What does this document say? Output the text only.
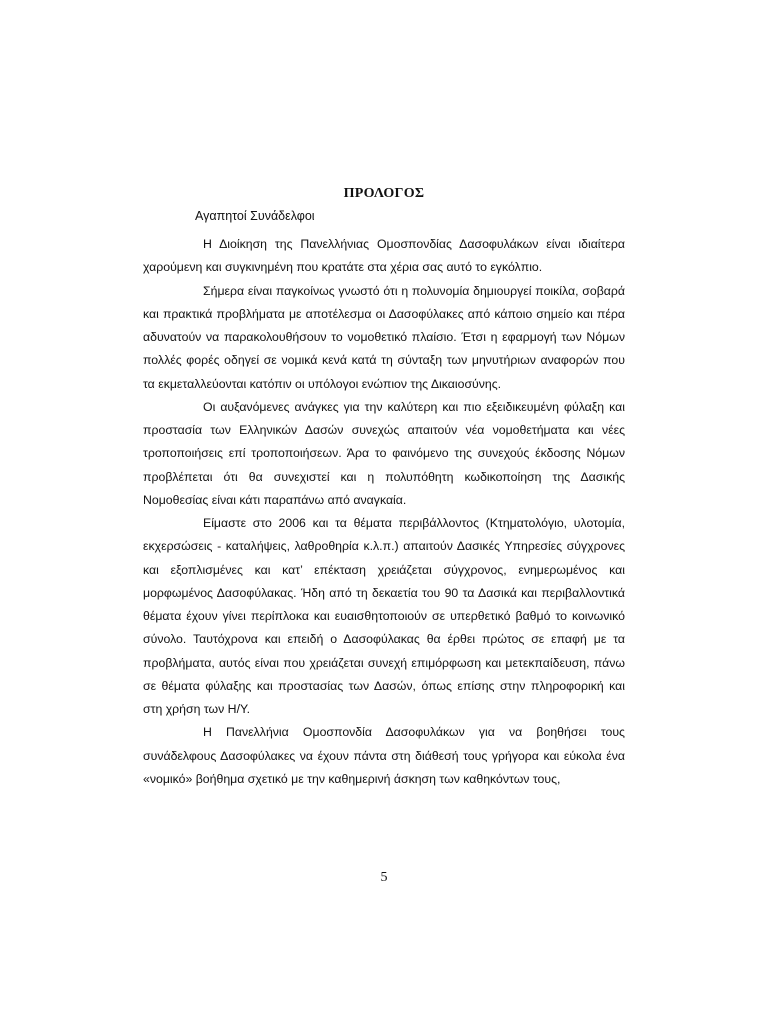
ΠΡΟΛΟΓΟΣ
Αγαπητοί Συνάδελφοι

Η Διοίκηση της Πανελλήνιας Ομοσπονδίας Δασοφυλάκων είναι ιδιαίτερα χαρούμενη και συγκινημένη που κρατάτε στα χέρια σας αυτό το εγκόλπιο.

Σήμερα είναι παγκοίνως γνωστό ότι η πολυνομία δημιουργεί ποικίλα, σοβαρά και πρακτικά προβλήματα με αποτέλεσμα οι Δασοφύλακες από κάποιο σημείο και πέρα αδυνατούν να παρακολουθήσουν το νομοθετικό πλαίσιο. Έτσι η εφαρμογή των Νόμων πολλές φορές οδηγεί σε νομικά κενά κατά τη σύνταξη των μηνυτήριων αναφορών που τα εκμεταλλεύονται κατόπιν οι υπόλογοι ενώπιον της Δικαιοσύνης.

Οι αυξανόμενες ανάγκες για την καλύτερη και πιο εξειδικευμένη φύλαξη και προστασία των Ελληνικών Δασών συνεχώς απαιτούν νέα νομοθετήματα και νέες τροποποιήσεις επί τροποποιήσεων. Άρα το φαινόμενο της συνεχούς έκδοσης Νόμων προβλέπεται ότι θα συνεχιστεί και η πολυπόθητη κωδικοποίηση της Δασικής Νομοθεσίας είναι κάτι παραπάνω από αναγκαία.

Είμαστε στο 2006 και τα θέματα περιβάλλοντος (Κτηματολόγιο, υλοτομία, εκχερσώσεις - καταλήψεις, λαθροθηρία κ.λ.π.) απαιτούν Δασικές Υπηρεσίες σύγχρονες και εξοπλισμένες και κατ’ επέκταση χρειάζεται σύγχρονος, ενημερωμένος και μορφωμένος Δασοφύλακας. Ήδη από τη δεκαετία του 90 τα Δασικά και περιβαλλοντικά θέματα έχουν γίνει περίπλοκα και ευαισθητοποιούν σε υπερθετικό βαθμό το κοινωνικό σύνολο. Ταυτόχρονα και επειδή ο Δασοφύλακας θα έρθει πρώτος σε επαφή με τα προβλήματα, αυτός είναι που χρειάζεται συνεχή επιμόρφωση και μετεκπαίδευση, πάνω σε θέματα φύλαξης και προστασίας των Δασών, όπως επίσης στην πληροφορική και στη χρήση των Η/Υ.

Η Πανελλήνια Ομοσπονδία Δασοφυλάκων για να βοηθήσει τους συνάδελφους Δασοφύλακες να έχουν πάντα στη διάθεσή τους γρήγορα και εύκολα ένα «νομικό» βοήθημα σχετικό με την καθημερινή άσκηση των καθηκόντων τους,

5
